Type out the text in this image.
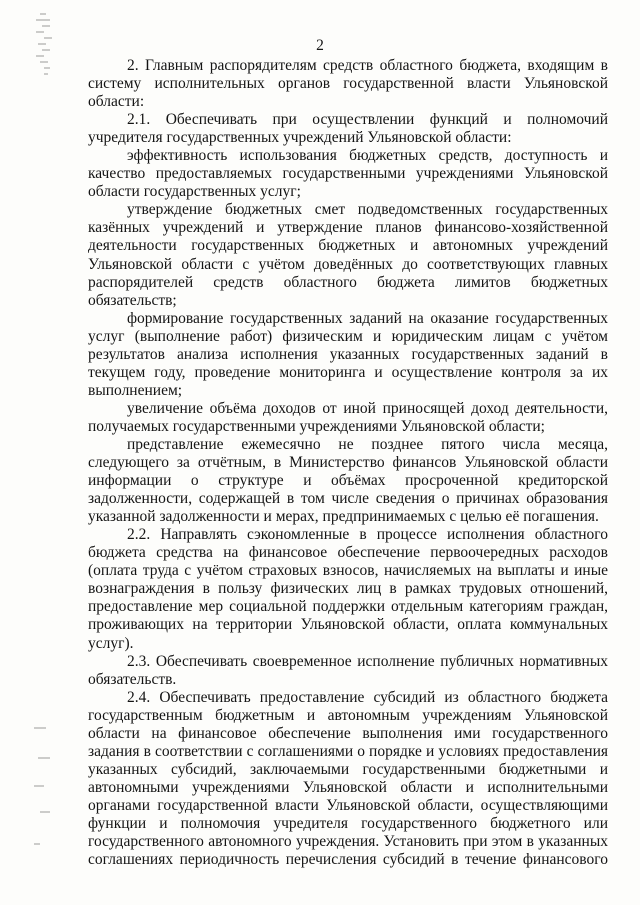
2

2. Главным распорядителям средств областного бюджета, входящим в систему исполнительных органов государственной власти Ульяновской области:

2.1. Обеспечивать при осуществлении функций и полномочий учредителя государственных учреждений Ульяновской области:

эффективность использования бюджетных средств, доступность и качество предоставляемых государственными учреждениями Ульяновской области государственных услуг;

утверждение бюджетных смет подведомственных государственных казённых учреждений и утверждение планов финансово-хозяйственной деятельности государственных бюджетных и автономных учреждений Ульяновской области с учётом доведённых до соответствующих главных распорядителей средств областного бюджета лимитов бюджетных обязательств;

формирование государственных заданий на оказание государственных услуг (выполнение работ) физическим и юридическим лицам с учётом результатов анализа исполнения указанных государственных заданий в текущем году, проведение мониторинга и осуществление контроля за их выполнением;

увеличение объёма доходов от иной приносящей доход деятельности, получаемых государственными учреждениями Ульяновской области;

представление ежемесячно не позднее пятого числа месяца, следующего за отчётным, в Министерство финансов Ульяновской области информации о структуре и объёмах просроченной кредиторской задолженности, содержащей в том числе сведения о причинах образования указанной задолженности и мерах, предпринимаемых с целью её погашения.

2.2. Направлять сэкономленные в процессе исполнения областного бюджета средства на финансовое обеспечение первоочередных расходов (оплата труда с учётом страховых взносов, начисляемых на выплаты и иные вознаграждения в пользу физических лиц в рамках трудовых отношений, предоставление мер социальной поддержки отдельным категориям граждан, проживающих на территории Ульяновской области, оплата коммунальных услуг).

2.3. Обеспечивать своевременное исполнение публичных нормативных обязательств.

2.4. Обеспечивать предоставление субсидий из областного бюджета государственным бюджетным и автономным учреждениям Ульяновской области на финансовое обеспечение выполнения ими государственного задания в соответствии с соглашениями о порядке и условиях предоставления указанных субсидий, заключаемыми государственными бюджетными и автономными учреждениями Ульяновской области и исполнительными органами государственной власти Ульяновской области, осуществляющими функции и полномочия учредителя государственного бюджетного или государственного автономного учреждения. Установить при этом в указанных соглашениях периодичность перечисления субсидий в течение финансового
